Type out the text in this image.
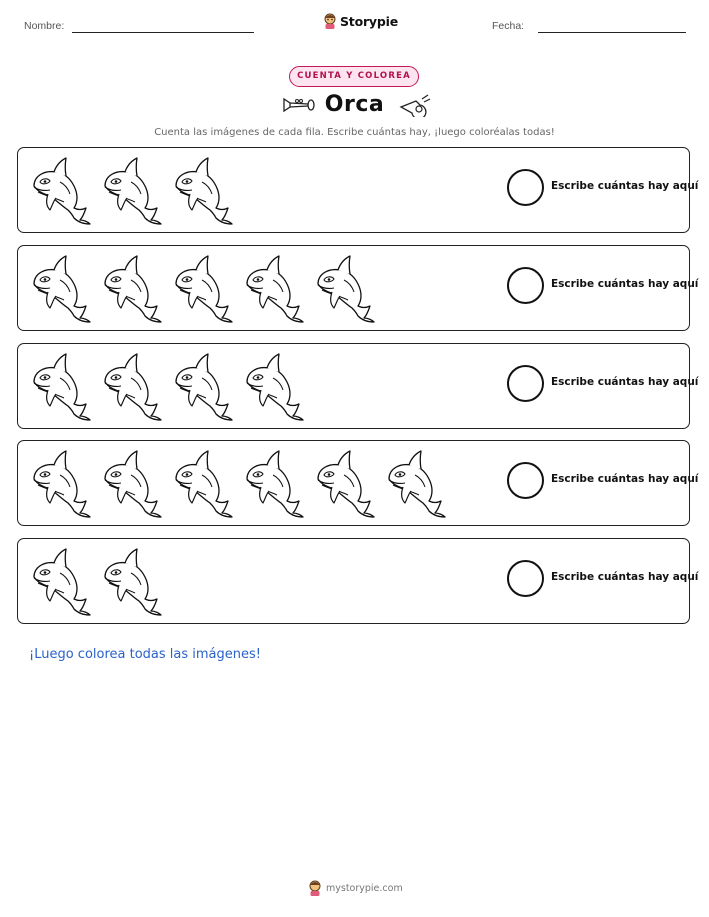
Nombre:	Storypie	Fecha:
CUENTA Y COLOREA
Orca
Cuenta las imágenes de cada fila. Escribe cuántas hay, ¡luego coloréalas todas!
Escribe cuántas hay aquí
Escribe cuántas hay aquí
Escribe cuántas hay aquí
Escribe cuántas hay aquí
Escribe cuántas hay aquí
¡Luego colorea todas las imágenes!
mystorypie.com
